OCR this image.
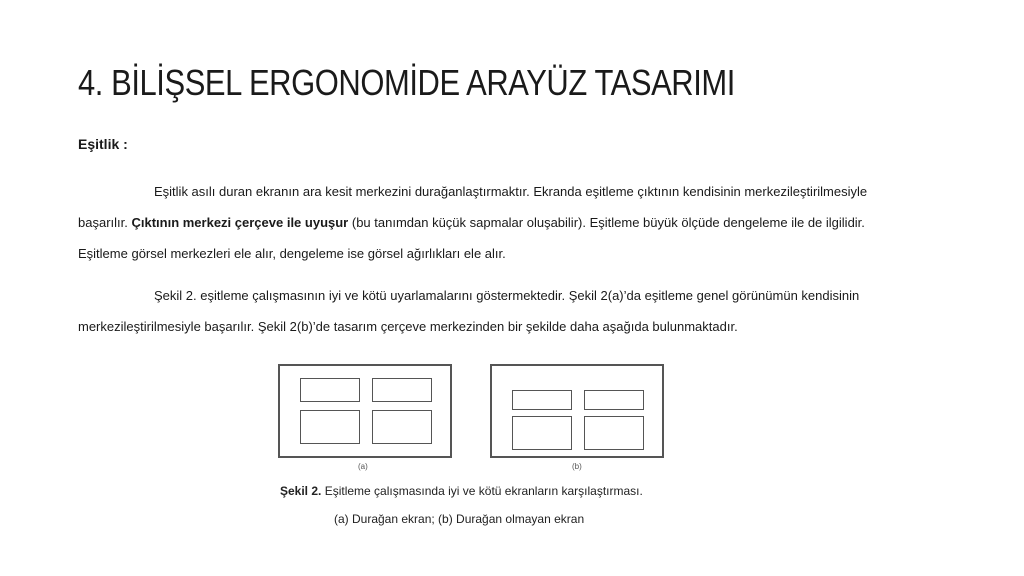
4. BİLİŞSEL ERGONOMİDE ARAYÜZ TASARIMI
Eşitlik :
Eşitlik asılı duran ekranın ara kesit merkezini durağanlaştırmaktır. Ekranda eşitleme çıktının kendisinin merkezileştirilmesiyle
başarılır. Çıktının merkezi çerçeve ile uyuşur (bu tanımdan küçük sapmalar oluşabilir). Eşitleme büyük ölçüde dengeleme ile de ilgilidir.
Eşitleme görsel merkezleri ele alır, dengeleme ise görsel ağırlıkları ele alır.
Şekil 2. eşitleme çalışmasının iyi ve kötü uyarlamalarını göstermektedir. Şekil 2(a)’da eşitleme genel görünümün kendisinin
merkezileştirilmesiyle başarılır. Şekil 2(b)’de tasarım çerçeve merkezinden bir şekilde daha aşağıda bulunmaktadır.
(a)	(b)
Şekil 2. Eşitleme çalışmasında iyi ve kötü ekranların karşılaştırması.
(a) Durağan ekran; (b) Durağan olmayan ekran
